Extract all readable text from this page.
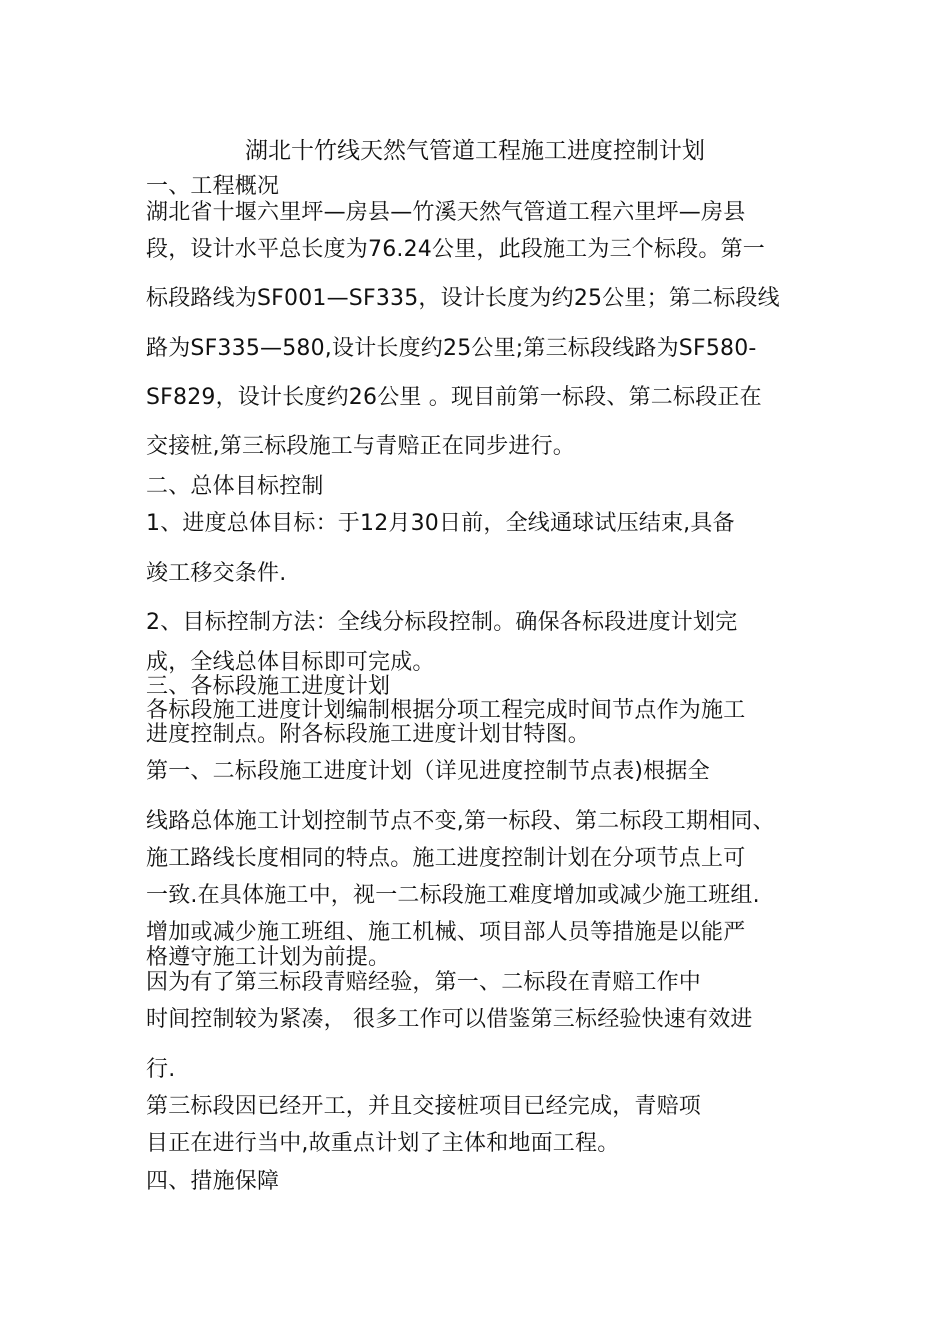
湖北十竹线天然气管道工程施工进度控制计划
一、工程概况
湖北省十堰六里坪—房县—竹溪天然气管道工程六里坪—房县
段，设计水平总长度为76.24公里，此段施工为三个标段。第一
标段路线为SF001—SF335，设计长度为约25公里；第二标段线
路为SF335—580,设计长度约25公里;第三标段线路为SF580-
SF829，设计长度约26公里 。现目前第一标段、第二标段正在
交接桩,第三标段施工与青赔正在同步进行。
二、总体目标控制
1、进度总体目标：于12月30日前，全线通球试压结束,具备
竣工移交条件.
2、目标控制方法：全线分标段控制。确保各标段进度计划完
成，全线总体目标即可完成。
三、各标段施工进度计划
各标段施工进度计划编制根据分项工程完成时间节点作为施工
进度控制点。附各标段施工进度计划甘特图。
第一、二标段施工进度计划（详见进度控制节点表)根据全
线路总体施工计划控制节点不变,第一标段、第二标段工期相同、
施工路线长度相同的特点。施工进度控制计划在分项节点上可
一致.在具体施工中，视一二标段施工难度增加或减少施工班组.
增加或减少施工班组、施工机械、项目部人员等措施是以能严
格遵守施工计划为前提。
因为有了第三标段青赔经验，第一、二标段在青赔工作中
时间控制较为紧凑， 很多工作可以借鉴第三标经验快速有效进
行.
第三标段因已经开工，并且交接桩项目已经完成，青赔项
目正在进行当中,故重点计划了主体和地面工程。
四、措施保障
